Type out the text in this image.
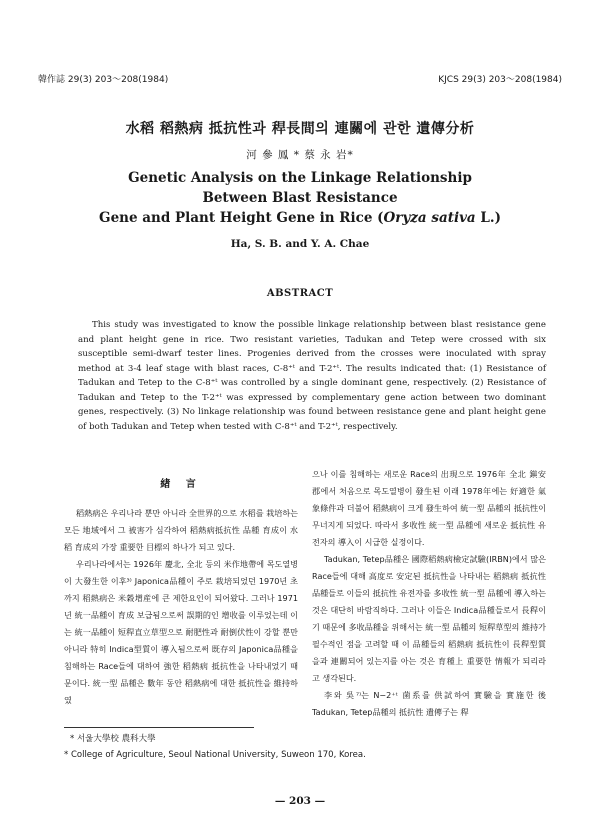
韓作誌 29(3) 203～208(1984)	KJCS 29(3) 203～208(1984)
水稻 稻熱病 抵抗性과 稈長間의 連關에 관한 遺傳分析
河 參 鳳 * 蔡 永 岩*
Genetic Analysis on the Linkage Relationship
Between Blast Resistance
Gene and Plant Height Gene in Rice (Oryza sativa L.)
Ha, S. B. and Y. A. Chae
ABSTRACT

This study was investigated to know the possible linkage relationship between blast resistance gene and plant height gene in rice. Two resistant varieties, Tadukan and Tetep were crossed with six susceptible semi-dwarf tester lines. Progenies derived from the crosses were inoculated with spray method at 3-4 leaf stage with blast races, C-8⁺ᵗ and T-2⁺ᵗ. The results indicated that: (1) Resistance of Tadukan and Tetep to the C-8⁺ᵗ was controlled by a single dominant gene, respectively. (2) Resistance of Tadukan and Tetep to the T-2⁺ᵗ was expressed by complementary gene action between two dominant genes, respectively. (3) No linkage relationship was found between resistance gene and plant height gene of both Tadukan and Tetep when tested with C-8⁺ᵗ and T-2⁺ᵗ, respectively.

緖 言

稻熱病은 우리나라 뿐만 아니라 全世界的으로 水稻를 栽培하는 모든 地域에서 그 被害가 심각하여 稻熱病抵抗性 品種 育成이 水稻 育成의 가장 重要한 目標의 하나가 되고 있다.

우리나라에서는 1926年 慶北, 全北 등의 米作地帶에 목도열병이 大發生한 이후³⁾ Japonica品種이 주로 栽培되었던 1970년 초까지 稻熱病은 米穀增産에 큰 제한요인이 되어왔다. 그러나 1971년 統一品種이 育成 보급됨으로써 誤期的인 增收를 이루었는데 이는 統一品種이 短稈直立草型으로 耐肥性과 耐倒伏性이 강할 뿐만 아니라 特히 Indica型質이 導入됨으로써 既存의 Japonica品種을 침해하는 Race들에 대하여 強한 稻熱病 抵抗性을 나타내었기 때문이다. 統一型 品種은 數年 동안 稻熱病에 대한 抵抗性을 維持하였

으나 이를 침해하는 새로운 Race의 出現으로 1976年 全北 鎭安郡에서 처음으로 목도열병이 發生된 이래 1978年에는 好適한 氣象條件과 더불어 稻熱病이 크게 發生하여 統一型 品種의 抵抗性이 무너지게 되었다. 따라서 多收性 統一型 品種에 새로운 抵抗性 유전자의 導入이 시급한 실정이다.

Tadukan, Tetep品種은 國際稻熱病檢定試驗(IRBN)에서 많은 Race들에 대해 高度로 安定된 抵抗性을 나타내는 稻熱病 抵抗性 品種들로 이들의 抵抗性 유전자를 多收性 統一型 品種에 導入하는 것은 대단히 바람직하다. 그러나 이들은 Indica品種들로서 長稈이기 때문에 多收品種을 위해서는 統一型 品種의 短稈草型의 維持가 필수적인 점을 고려할 때 이 品種들의 稻熱病 抵抗性이 長稈型質을과 連關되어 있는지를 아는 것은 育種上 重要한 情報가 되리라고 생각된다.

李와 吳⁷⁾는 N−2⁺ᵗ 菌系를 供試하여 實驗을 實施한 後 Tadukan, Tetep品種의 抵抗性 遺傳子는 稈

* 서울大學校 農科大學
* College of Agriculture, Seoul National University, Suweon 170, Korea.
— 203 —
